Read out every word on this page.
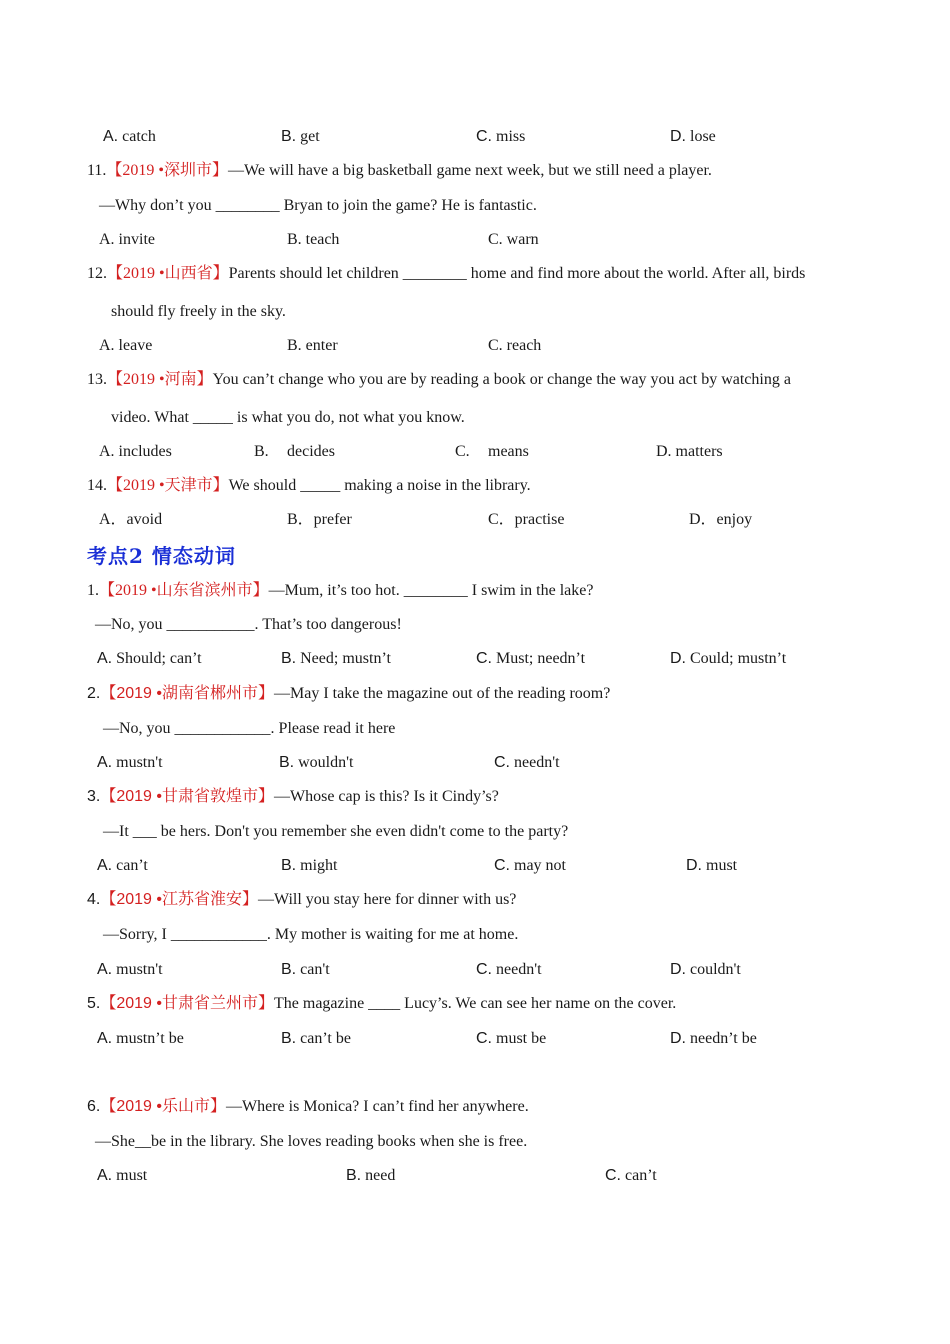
A. catch	B. get	C. miss	D. lose
11.【2019 •深圳市】—We will have a big basketball game next week, but we still need a player.
—Why don’t you ________ Bryan to join the game? He is fantastic.
A. invite	B. teach	C. warn
12.【2019 •山西省】Parents should let children ________ home and find more about the world. After all, birds
should fly freely in the sky.
A. leave	B. enter	C. reach
13.【2019 •河南】You can’t change who you are by reading a book or change the way you act by watching a
video. What _____ is what you do, not what you know.
A. includes	B. decides	C. means	D. matters
14.【2019 •天津市】We should _____ making a noise in the library.
A．avoid	B．prefer	C．practise	D．enjoy
考点2 情态动词
1.【2019 •山东省滨州市】—Mum, it’s too hot. ________ I swim in the lake?
—No, you ___________. That’s too dangerous!
A. Should; can’t	B. Need; mustn’t	C. Must; needn’t	D. Could; mustn’t
2.【2019 •湖南省郴州市】—May I take the magazine out of the reading room?
—No, you ____________. Please read it here
A. mustn't	B. wouldn't	C. needn't
3.【2019 •甘肃省敦煌市】—Whose cap is this? Is it Cindy’s?
—It ___ be hers. Don't you remember she even didn't come to the party?
A. can’t	B. might	C. may not	D. must
4.【2019 •江苏省淮安】—Will you stay here for dinner with us?
—Sorry, I ____________. My mother is waiting for me at home.
A. mustn't	B. can't	C. needn't	D. couldn't
5.【2019 •甘肃省兰州市】The magazine ____ Lucy’s. We can see her name on the cover.
A. mustn’t be	B. can’t be	C. must be	D. needn’t be
6.【2019 •乐山市】—Where is Monica? I can’t find her anywhere.
—She__be in the library. She loves reading books when she is free.
A. must	B. need	C. can’t
